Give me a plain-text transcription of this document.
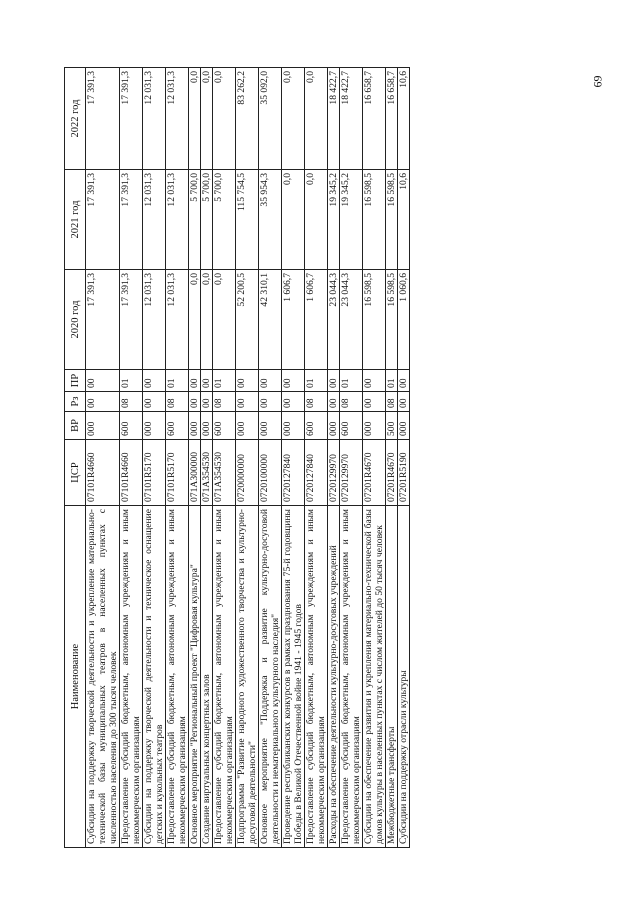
69
Наименование	ЦСР	ВР	Рз	ПР	2020 год	2021 год	2022 год
Субсидии на поддержку творческой деятельности и укрепление материально-технической базы муниципальных театров в населенных пунктах с численностью населения до 300 тысяч человек	07101R4660	000	00	00	17 391,3	17 391,3	17 391,3
Предоставление субсидий бюджетным, автономным учреждениям и иным некоммерческим организациям	07101R4660	600	08	01	17 391,3	17 391,3	17 391,3
Субсидии на поддержку творческой деятельности и техническое оснащение детских и кукольных театров	07101R5170	000	00	00	12 031,3	12 031,3	12 031,3
Предоставление субсидий бюджетным, автономным учреждениям и иным некоммерческим организациям	07101R5170	600	08	01	12 031,3	12 031,3	12 031,3
Основное мероприятие "Региональный проект "Цифровая культура"	071A300000	000	00	00	0,0	5 700,0	0,0
Создание виртуальных концертных залов	071A354530	000	00	00	0,0	5 700,0	0,0
Предоставление субсидий бюджетным, автономным учреждениям и иным некоммерческим организациям	071A354530	600	08	01	0,0	5 700,0	0,0
Подпрограмма "Развитие народного художественного творчества и культурно-досуговой деятельности"	0720000000	000	00	00	52 200,5	115 754,5	83 262,2
Основное мероприятие "Поддержка и развитие культурно-досуговой деятельности и нематериального культурного наследия"	0720100000	000	00	00	42 310,1	35 954,3	35 092,0
Проведение республиканских конкурсов в рамках празднования 75-й годовщины Победы в Великой Отечественной войне 1941 - 1945 годов	0720127840	000	00	00	1 606,7	0,0	0,0
Предоставление субсидий бюджетным, автономным учреждениям и иным некоммерческим организациям	0720127840	600	08	01	1 606,7	0,0	0,0
Расходы на обеспечение деятельности культурно-досуговых учреждений	0720129970	000	00	00	23 044,3	19 345,2	18 422,7
Предоставление субсидий бюджетным, автономным учреждениям и иным некоммерческим организациям	0720129970	600	08	01	23 044,3	19 345,2	18 422,7
Субсидии на обеспечение развития и укрепления материально-технической базы домов культуры в населенных пунктах с числом жителей до 50 тысяч человек	07201R4670	000	00	00	16 598,5	16 598,5	16 658,7
Межбюджетные трансферты	07201R4670	500	08	01	16 598,5	16 598,5	16 658,7
Субсидии на поддержку отрасли культуры	07201R5190	000	00	00	1 060,6	10,6	10,6
